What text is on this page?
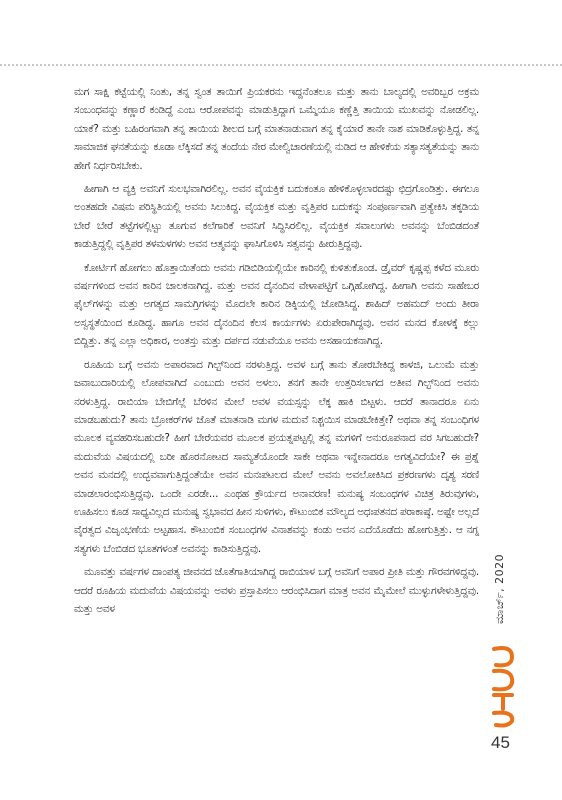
ಮಗ ಸಾಕ್ಷಿ ಕಟ್ಟೆಯಲ್ಲಿ ನಿಂತು, ತನ್ನ ಸ್ವಂತ ತಾಯಿಗೆ ಪ್ರಿಯಕರನು ಇದ್ದನೆಂತಲೂ ಮತ್ತು ತಾನು ಬಾಲ್ಯದಲ್ಲಿ ಅವರಿಬ್ಬರ ಅಕ್ರಮ ಸಂಬಂಧವನ್ನು ಕಣ್ಣಾರೆ ಕಂಡಿದ್ದೆ ಎಂಬ ಆರೋಪವನ್ನು ಮಾಡುತ್ತಿದ್ದಾಗ ಒಮ್ಮೆಯೂ ಕಣ್ಣೆತ್ತಿ ತಾಯಿಯ ಮುಖವನ್ನು ನೋಡಲಿಲ್ಲ. ಯಾಕೆ? ಮತ್ತು ಬಹಿರಂಗವಾಗಿ ತನ್ನ ತಾಯಿಯ ಶೀಲದ ಬಗ್ಗೆ ಮಾತನಾಡುವಾಗ ತನ್ನ ಕೈಯಾರೆ ತಾನೇ ನಾಶ ಮಾಡಿಕೊಳ್ಳುತ್ತಿದ್ದ. ತನ್ನ ಸಾಮಾಜಿಕ ಘನತೆಯನ್ನು ಕೂಡಾ ಲೆಕ್ಕಿಸದೆ ತನ್ನ ತಂದೆಯ ನೇರ ಮೇಲ್ವಿಚಾರಣೆಯಲ್ಲಿ ನುಡಿದ ಆ ಹೇಳಿಕೆಯ ಸತ್ಯಾಸತ್ಯತೆಯನ್ನು ತಾನು ಹೇಗೆ ನಿರ್ಧರಿಸಬೇಕು.

ಹೀಗಾಗಿ ಆ ವ್ಯಕ್ತಿ ಅವನಿಗೆ ಸುಲಭವಾಗಿರಲಿಲ್ಲ. ಅವನ ವೈಯಕ್ತಿಕ ಬದುಕಂತೂ ಹೇಳಿಕೊಳ್ಳಲಾರದಷ್ಟು ಛಿದ್ರಗೊಂಡಿತ್ತು. ಈಗಲೂ ಅಂತಹದೇ ವಿಷಮ ಪರಿಸ್ಥಿತಿಯಲ್ಲಿ ಅವನು ಸಿಲುಕಿದ್ದ. ವೈಯಕ್ತಿಕ ಮತ್ತು ವೃತ್ತಿಪರ ಬದುಕನ್ನು ಸಂಪೂರ್ಣವಾಗಿ ಪ್ರತ್ಯೇಕಿಸಿ ತಕ್ಕಡಿಯ ಬೇರೆ ಬೇರೆ ತಟ್ಟೆಗಳಲ್ಲಿಟ್ಟು ತೂಗುವ ಕಲೆಗಾರಿಕೆ ಅವನಿಗೆ ಸಿದ್ಧಿಸಿರಲಿಲ್ಲ. ವೈಯಕ್ತಿಕ ಸವಾಲುಗಳು ಅವನನ್ನು ಬೆಂಬಿಡದಂತೆ ಕಾಡುತ್ತಿದ್ದಲ್ಲಿ ವೃತ್ತಿಪರ ತಳಮಳಗಳು ಅವನ ಆತ್ಮವನ್ನು ಘಾಸಿಗೊಳಿಸಿ ಸತ್ವವನ್ನು ಹೀರುತ್ತಿದ್ದವು.

ಕೋರ್ಟಿಗೆ ಹೋಗಲು ಹೊತ್ತಾಯಿತೆಂದು ಅವನು ಗಡಿಬಿಡಿಯಲ್ಲಿಯೇ ಕಾರಿನಲ್ಲಿ ಕುಳಿತುಕೊಂಡ. ಡ್ರೈವರ್ ಕೃಷ್ಣಪ್ಪ ಕಳೆದ ಮೂರು ವರ್ಷಗಳಿಂದ ಅವನ ಕಾರಿನ ಚಾಲಕನಾಗಿದ್ದ. ಮತ್ತು ಅವನ ದೈನಂದಿನ ವೇಳಾಪಟ್ಟಿಗೆ ಒಗ್ಗಿಹೋಗಿದ್ದ. ಹೀಗಾಗಿ ಅವನು ಸಾಹೇಬರ ಫೈಲ್‌ಗಳನ್ನು ಮತ್ತು ಅಗತ್ಯದ ಸಾಮಗ್ರಿಗಳನ್ನು ಮೊದಲೇ ಕಾರಿನ ಡಿಕ್ಕಿಯಲ್ಲಿ ಜೋಡಿಸಿದ್ದ. ಶಾಹಿದ್ ಅಹಮದ್ ಅಂದು ತೀರಾ ಅಸ್ವಸ್ಥತೆಯಿಂದ ಕೂಡಿದ್ದ. ಹಾಗೂ ಅವನ ದೈನಂದಿನ ಕೆಲಸ ಕಾರ್ಯಗಳು ಏರುಪೇರಾಗಿದ್ದವು. ಅವನ ಮನದ ಕೋಳಕ್ಕೆ ಕಲ್ಲು ಬಿದ್ದಿತ್ತು. ತನ್ನ ಎಲ್ಲಾ ಅಧಿಕಾರ, ಅಂತಸ್ತು ಮತ್ತು ದರ್ಪದ ನಡುವೆಯೂ ಅವನು ಅಸಹಾಯಕನಾಗಿದ್ದ.

ರೂಹಿಯ ಬಗ್ಗೆ ಅವನು ಅಪಾರವಾದ ಗಿಲ್ಟ್‌ನಿಂದ ನರಳುತ್ತಿದ್ದ. ಅವಳ ಬಗ್ಗೆ ತಾನು ತೋರಬೇಕಿದ್ದ ಕಾಳಜಿ, ಒಲುಮೆ ಮತ್ತು ಜವಾಬುದಾರಿಯಲ್ಲಿ ಲೋಪವಾಗಿದೆ ಎಂಬುದು ಅವನ ಅಳಲು. ತನಗೆ ತಾನೇ ಉತ್ತರಿಸಲಾಗದ ಅತೀವ ಗಿಲ್ಟ್‌ನಿಂದ ಅವನು ನರಳುತ್ತಿದ್ದ. ರಾಬಿಯಾ ಬೇಬಿಗೆಲ್ಲೆ ಬೆರಳಿನ ಮೇಲೆ ಅವಳ ವಯಸ್ಸನ್ನು ಲೆಕ್ಕ ಹಾಕಿ ಬಿಟ್ಟಳು. ಆದರೆ ತಾನಾದರೂ ಏನು ಮಾಡಬಹುದು? ತಾನು ಬ್ರೋಕರ್‌ಗಳ ಜೊತೆ ಮಾತನಾಡಿ ಮಗಳ ಮದುವೆ ನಿಶ್ಚಯಿಸ ಮಾಡಬೇಕಿತ್ತೇ? ಅಥವಾ ತನ್ನ ಸಂಬಂಧಿಗಳ ಮೂಲಕ ವ್ಯವಹರಿಸಬಹುದೇ? ಹೀಗೆ ಬೇರೆಯವರ ಮೂಲಕ ಪ್ರಯತ್ನಪಟ್ಟಲ್ಲಿ ತನ್ನ ಮಗಳಿಗೆ ಅನುರೂಪನಾದ ವರ ಸಿಗಬಹುದೇ? ಮದುವೆಯ ವಿಷಯದಲ್ಲಿ ಬರೀ ಹೊರನೋಟದ ಸಾಮ್ಯತೆಯೊಂದೇ ಸಾಕೇ ಅಥವಾ ಇನ್ನೇನಾದರೂ ಅಗತ್ಯವಿದೆಯೇ? ಈ ಪ್ರಶ್ನೆ ಅವನ ಮನದಲ್ಲಿ ಉದ್ಭವವಾಗುತ್ತಿದ್ದಂತೆಯೇ ಅವನ ಮನಃಪಟಲದ ಮೇಲೆ ಅವನು ಅವಲೋಕಿಸಿದ ಪ್ರಕರಣಗಳು ದೃಶ್ಯ ಸರಣಿ ಮಾಡಲಾರಂಭಿಸುತ್ತಿದ್ದವು. ಒಂದೇ ಎರಡೇ... ಎಂಥಹ ಕ್ರೌರ್ಯದ ಅನಾವರಣ! ಮನುಷ್ಯ ಸಂಬಂಧಗಳ ವಿಚಿತ್ರ ತಿರುವುಗಳು, ಊಹಿಸಲು ಕೂಡ ಸಾಧ್ಯವಿಲ್ಲದ ಮನುಷ್ಯ ಸ್ವಭಾವದ ಹೀನ ಸುಳಿಗಳು, ಕೌಟುಂಬಿಕ ಮೌಲ್ಯದ ಅಧಃಪತನದ ಪರಾಕಾಷ್ಠೆ. ಅಷ್ಟೇ ಅಲ್ಲದೆ ವೈರತ್ವದ ವಿಜೃಂಭಣೆಯ ಅಟ್ಟಹಾಸ. ಕೌಟುಂಬಿಕ ಸಂಬಂಧಗಳ ವಿನಾಶವನ್ನು ಕಂಡು ಅವನ ಎದೆಯೊಡೆದು ಹೋಗುತ್ತಿತ್ತು. ಆ ನಗ್ನ ಸತ್ಯಗಳು ಬೆಂಬಿಡದ ಭೂತಗಳಂತೆ ಅವನನ್ನು ಕಾಡಿಸುತ್ತಿದ್ದವು.

ಮೂವತ್ತು ವರ್ಷಗಳ ದಾಂಪತ್ಯ ಜೀವನದ ಜೊತೆಗಾತಿಯಾಗಿದ್ದ ರಾಬಿಯಾಳ ಬಗ್ಗೆ ಅವನಿಗೆ ಅಪಾರ ಪ್ರೀತಿ ಮತ್ತು ಗೌರವಗಳಿದ್ದವು. ಆದರೆ ರೂಹಿಯ ಮದುವೆಯ ವಿಷಯವನ್ನು ಅವಳು ಪ್ರಸ್ತಾಪಿಸಲು ಆರಂಭಿಸಿದಾಗ ಮಾತ್ರ ಅವನ ಮೈಮೇಲೆ ಮುಳ್ಳುಗಳೇಳುತ್ತಿದ್ದವು. ಮತ್ತು ಅವಳ	ಮಾರ್ಚ್, 2020
45
